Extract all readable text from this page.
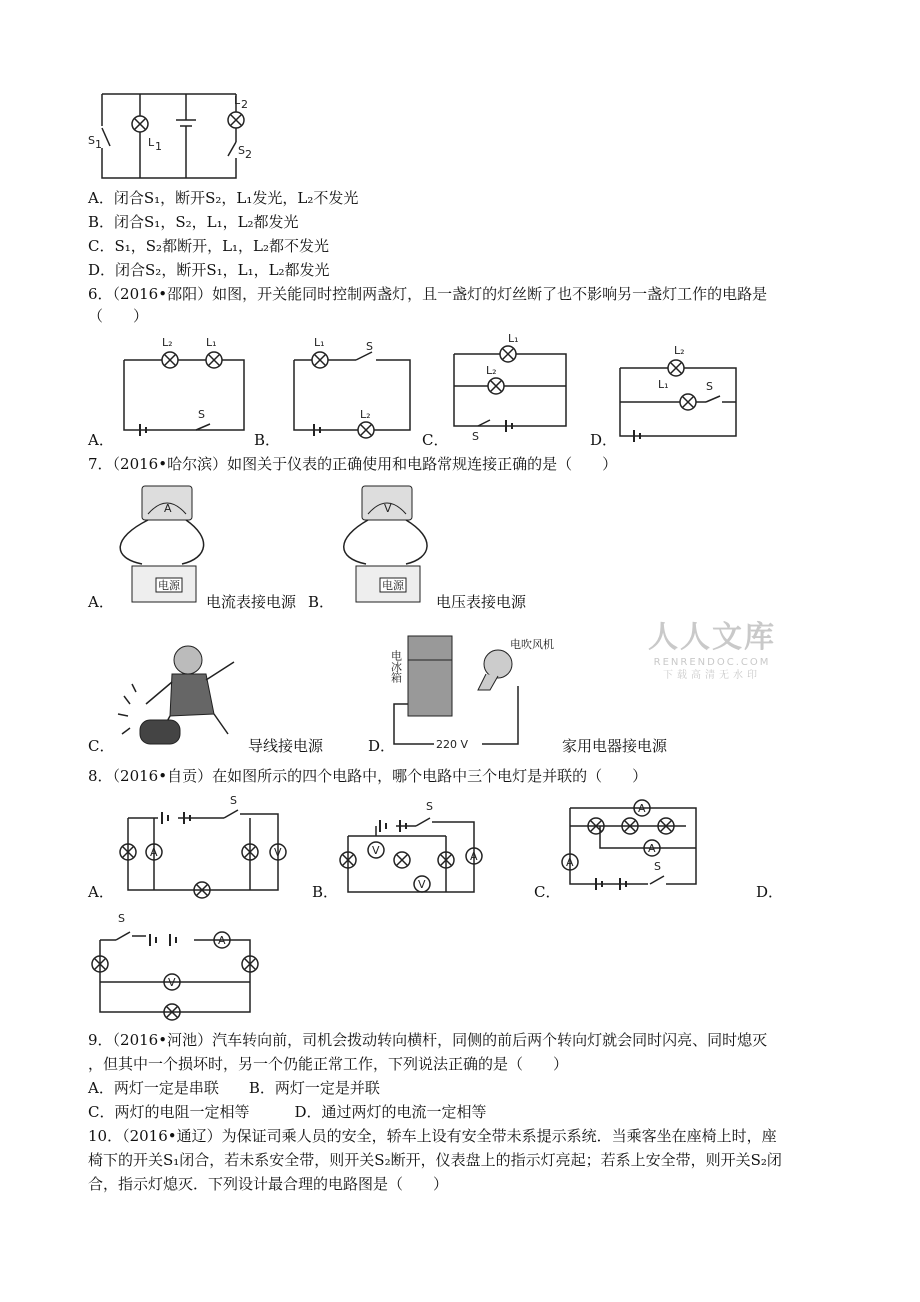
S 1	L 1
L 2
S 2
A．闭合S₁，断开S₂，L₁发光，L₂不发光
B．闭合S₁，S₂，L₁，L₂都发光
C．S₁，S₂都断开，L₁，L₂都不发光
D．闭合S₂，断开S₁，L₁，L₂都发光
6．（2016•邵阳）如图，开关能同时控制两盏灯，且一盏灯的灯丝断了也不影响另一盏灯工作的电路是
（　　）
A．
L₂	L₁
S
B．
L₁	S
L₂
C．
L₁
L₂
S	D．
L₂
L₁	S
7．（2016•哈尔滨）如图关于仪表的正确使用和电路常规连接正确的是（　　）
A．
A
电源
电流表接电源 B．
V
电源
电压表接电源
C．	导线接电源	D．
电冰箱
电吹风机
220 V	家用电器接电源
人人文库
RENRENDOC.COM
下载高清无水印
8．（2016•自贡）在如图所示的四个电路中，哪个电路中三个电灯是并联的（　　）
A．
A	V
S
B．
V
V
A
S
C．
A
A
A	S
D．
A
V
S
9．（2016•河池）汽车转向前，司机会拨动转向横杆，同侧的前后两个转向灯就会同时闪亮、同时熄灭
，但其中一个损坏时，另一个仍能正常工作，下列说法正确的是（　　）
A．两灯一定是串联　　B．两灯一定是并联
C．两灯的电阻一定相等　　　D．通过两灯的电流一定相等
10．（2016•通辽）为保证司乘人员的安全，轿车上设有安全带未系提示系统．当乘客坐在座椅上时，座
椅下的开关S₁闭合，若未系安全带，则开关S₂断开，仪表盘上的指示灯亮起；若系上安全带，则开关S₂闭
合，指示灯熄灭．下列设计最合理的电路图是（　　）
